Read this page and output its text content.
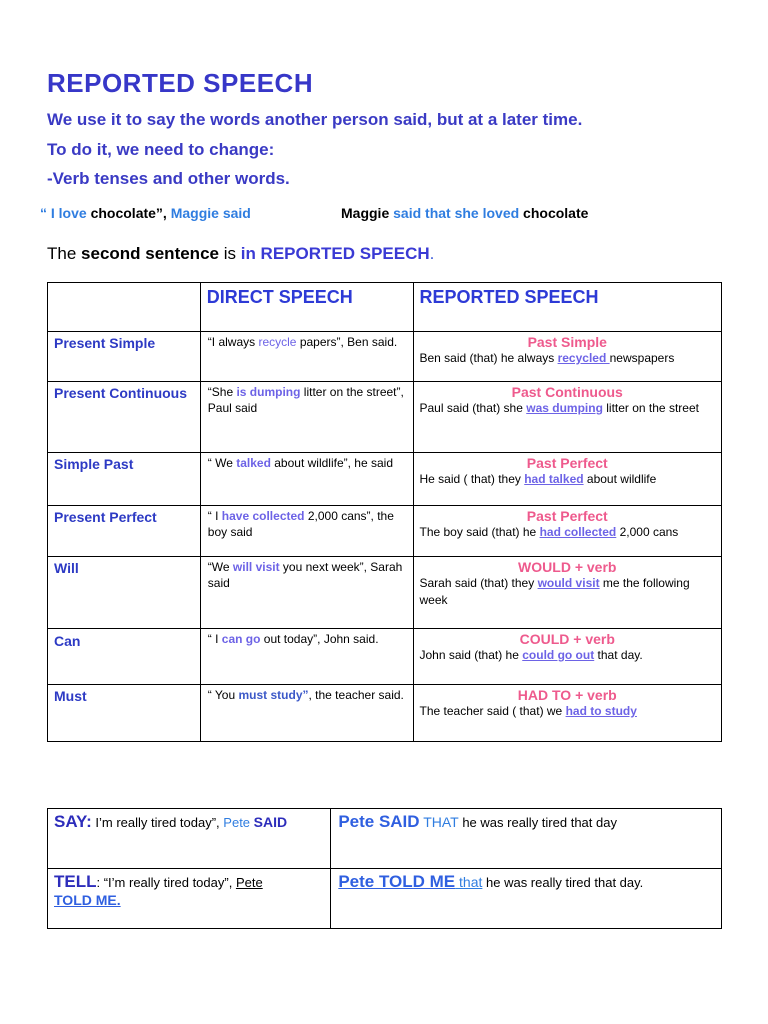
REPORTED SPEECH
We use it to say the words another person said, but at a later time.
To do it, we need to change:
-Verb tenses and other words.
“ I love chocolate”, Maggie said	Maggie said that she loved chocolate
The second sentence is in REPORTED SPEECH.
	DIRECT SPEECH	REPORTED SPEECH
Present Simple	“I always recycle papers”, Ben said.	Past Simple
Ben said (that) he always recycled newspapers

Present Continuous	“She is dumping litter on the street”, Paul said	Past Continuous
Paul said (that) she was dumping litter on the street

Simple Past	“ We talked about wildlife”, he said	Past Perfect
He said ( that) they had talked about wildlife

Present Perfect	“ I have collected 2,000 cans”, the boy said	Past Perfect
The boy said (that) he had collected 2,000 cans

Will	“We will visit you next week”, Sarah said	WOULD + verb
Sarah said (that) they would visit me the following week

Can	“ I can go out today”, John said.	COULD + verb
John said (that) he could go out that day.

Must	“ You must study”, the teacher said.	HAD TO + verb
The teacher said ( that) we had to study
SAY: I’m really tired today”, Pete SAID	Pete SAID THAT he was really tired that day
TELL: “I’m really tired today”, Pete
TOLD ME.	Pete TOLD ME that he was really tired that day.
